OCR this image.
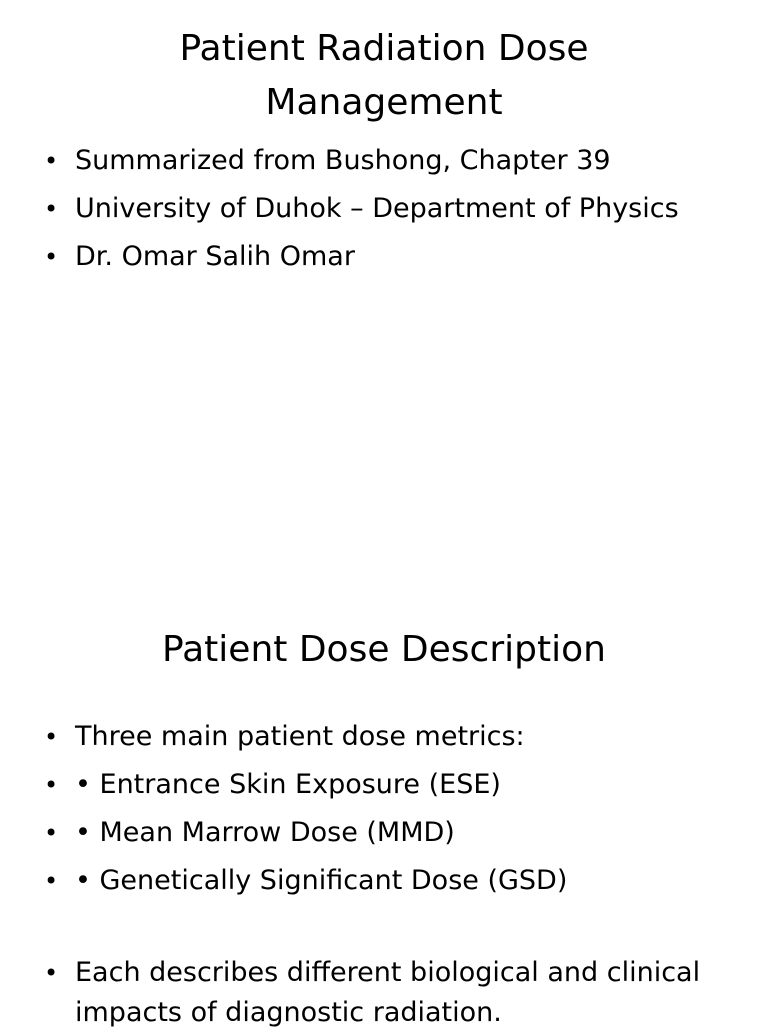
Patient Radiation Dose
Management
• Summarized from Bushong, Chapter 39
• University of Duhok – Department of Physics
• Dr. Omar Salih Omar
Patient Dose Description
• Three main patient dose metrics:
• • Entrance Skin Exposure (ESE)
• • Mean Marrow Dose (MMD)
• • Genetically Significant Dose (GSD)
• Each describes different biological and clinical impacts of diagnostic radiation.
